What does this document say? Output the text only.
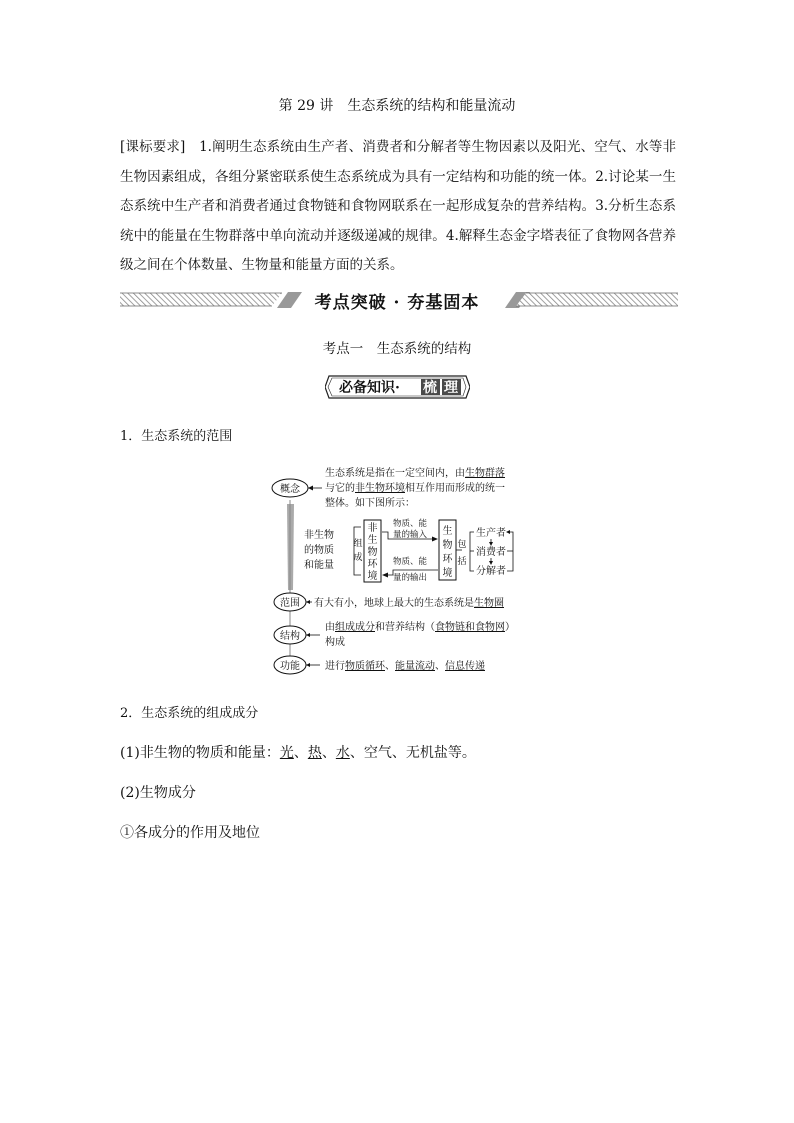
第 29 讲　生态系统的结构和能量流动
[课标要求]　1.阐明生态系统由生产者、消费者和分解者等生物因素以及阳光、空气、水等非生物因素组成，各组分紧密联系使生态系统成为具有一定结构和功能的统一体。2.讨论某一生态系统中生产者和消费者通过食物链和食物网联系在一起形成复杂的营养结构。3.分析生态系统中的能量在生物群落中单向流动并逐级递减的规律。4.解释生态金字塔表征了食物网各营养级之间在个体数量、生物量和能量方面的关系。
考点突破 · 夯基固本
考点一　生态系统的结构
必备知识· 梳 理
1．生态系统的范围
概念
生态系统是指在一定空间内，由生物群落
与它的非生物环境相互作用而形成的统一
整体。如下图所示：
非生物
的物质
和能量
组
成
非
生
物
环
境
物质、能
量的输入
物质、能
量的输出
生
物
环
境
包
括
生产者
消费者
分解者
范围 有大有小，地球上最大的生态系统是生物圈
结构
由组成成分和营养结构（食物链和食物网）
构成
功能	进行物质循环、能量流动、信息传递
2．生态系统的组成成分
(1)非生物的物质和能量：光、热、水、空气、无机盐等。
(2)生物成分
①各成分的作用及地位
